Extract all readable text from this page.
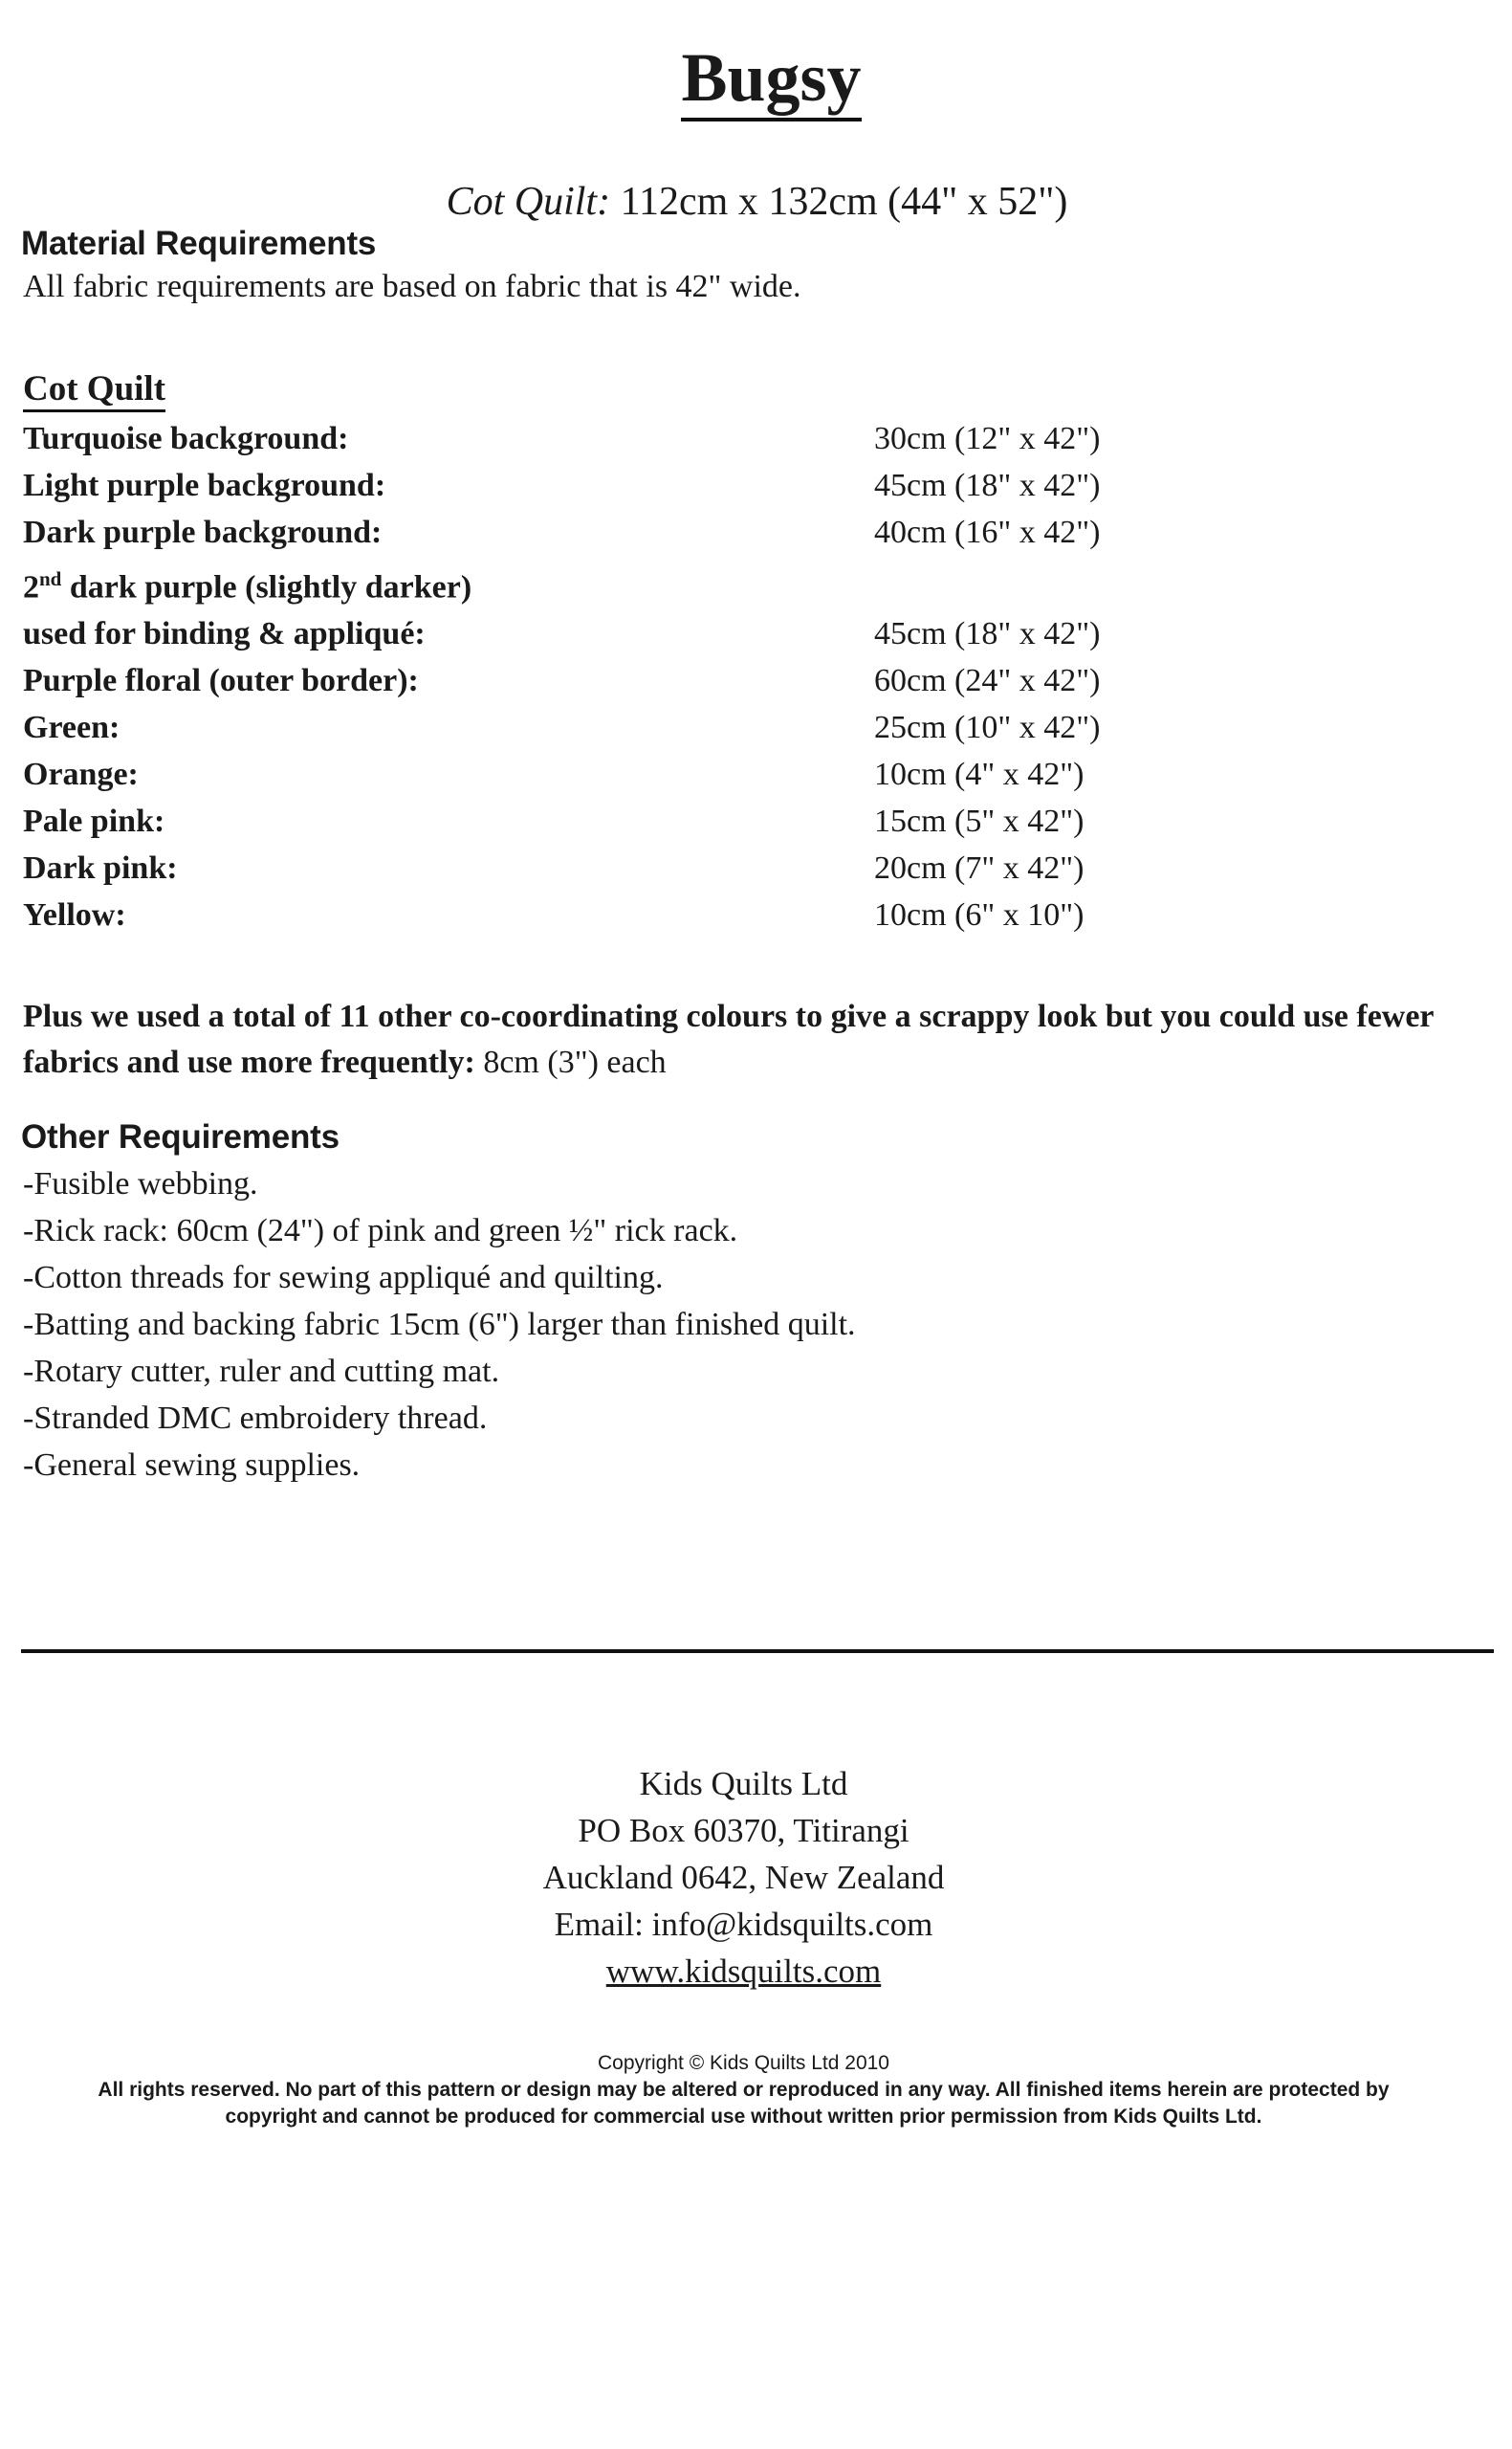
Bugsy
Cot Quilt: 112cm x 132cm (44" x 52")
Material Requirements
All fabric requirements are based on fabric that is 42" wide.
Cot Quilt
Turquoise background:	30cm (12" x 42")
Light purple background:	45cm (18" x 42")
Dark purple background:	40cm (16" x 42")
2nd dark purple (slightly darker)	
used for binding & appliqué:	45cm (18" x 42")
Purple floral (outer border):	60cm (24" x 42")
Green:	25cm (10" x 42")
Orange:	10cm (4" x 42")
Pale pink:	15cm (5" x 42")
Dark pink:	20cm (7" x 42")
Yellow:	10cm (6" x 10")

Plus we used a total of 11 other co-coordinating colours to give a scrappy look but you could use fewer fabrics and use more frequently: 8cm (3") each

Other Requirements
-Fusible webbing.
-Rick rack: 60cm (24") of pink and green ½" rick rack.
-Cotton threads for sewing appliqué and quilting.
-Batting and backing fabric 15cm (6") larger than finished quilt.
-Rotary cutter, ruler and cutting mat.
-Stranded DMC embroidery thread.
-General sewing supplies.
Kids Quilts Ltd
PO Box 60370, Titirangi
Auckland 0642, New Zealand
Email: info@kidsquilts.com
www.kidsquilts.com
Copyright © Kids Quilts Ltd 2010
All rights reserved. No part of this pattern or design may be altered or reproduced in any way. All finished items herein are protected by
copyright and cannot be produced for commercial use without written prior permission from Kids Quilts Ltd.
